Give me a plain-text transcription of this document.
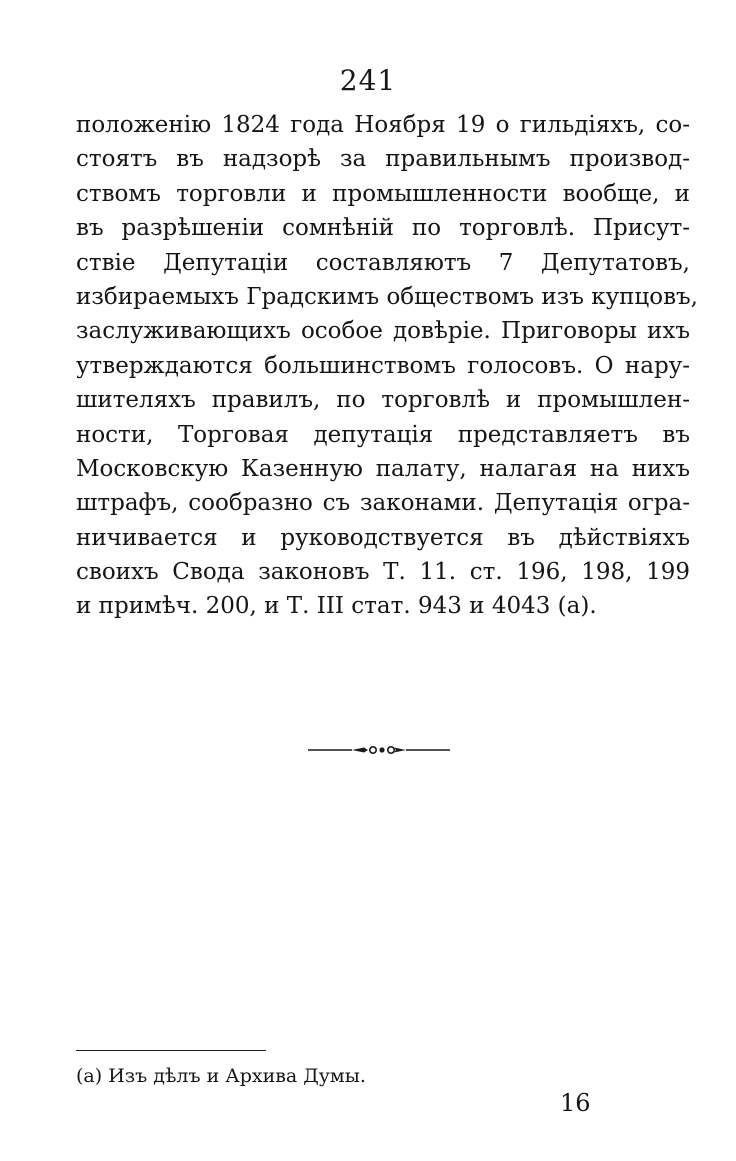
241
положенію 1824 года Ноября 19 о гильдіяхъ, со-
стоятъ въ надзорѣ за правильнымъ производ-
ствомъ торговли и промышленности вообще, и
въ разрѣшеніи сомнѣній по торговлѣ. Присут-
ствіе Депутаціи составляютъ 7 Депутатовъ,
избираемыхъ Градскимъ обществомъ изъ купцовъ,
заслуживающихъ особое довѣріе. Приговоры ихъ
утверждаются большинствомъ голосовъ. О нару-
шителяхъ правилъ, по торговлѣ и промышлен-
ности, Торговая депутація представляетъ въ
Московскую Казенную палату, налагая на нихъ
штрафъ, сообразно съ законами. Депутація огра-
ничивается и руководствуется въ дѣйствіяхъ
своихъ Свода законовъ Т. 11. ст. 196, 198, 199
и примѣч. 200, и Т. III стат. 943 и 4043 (а).
(а) Изъ дѣлъ и Архива Думы.
16
